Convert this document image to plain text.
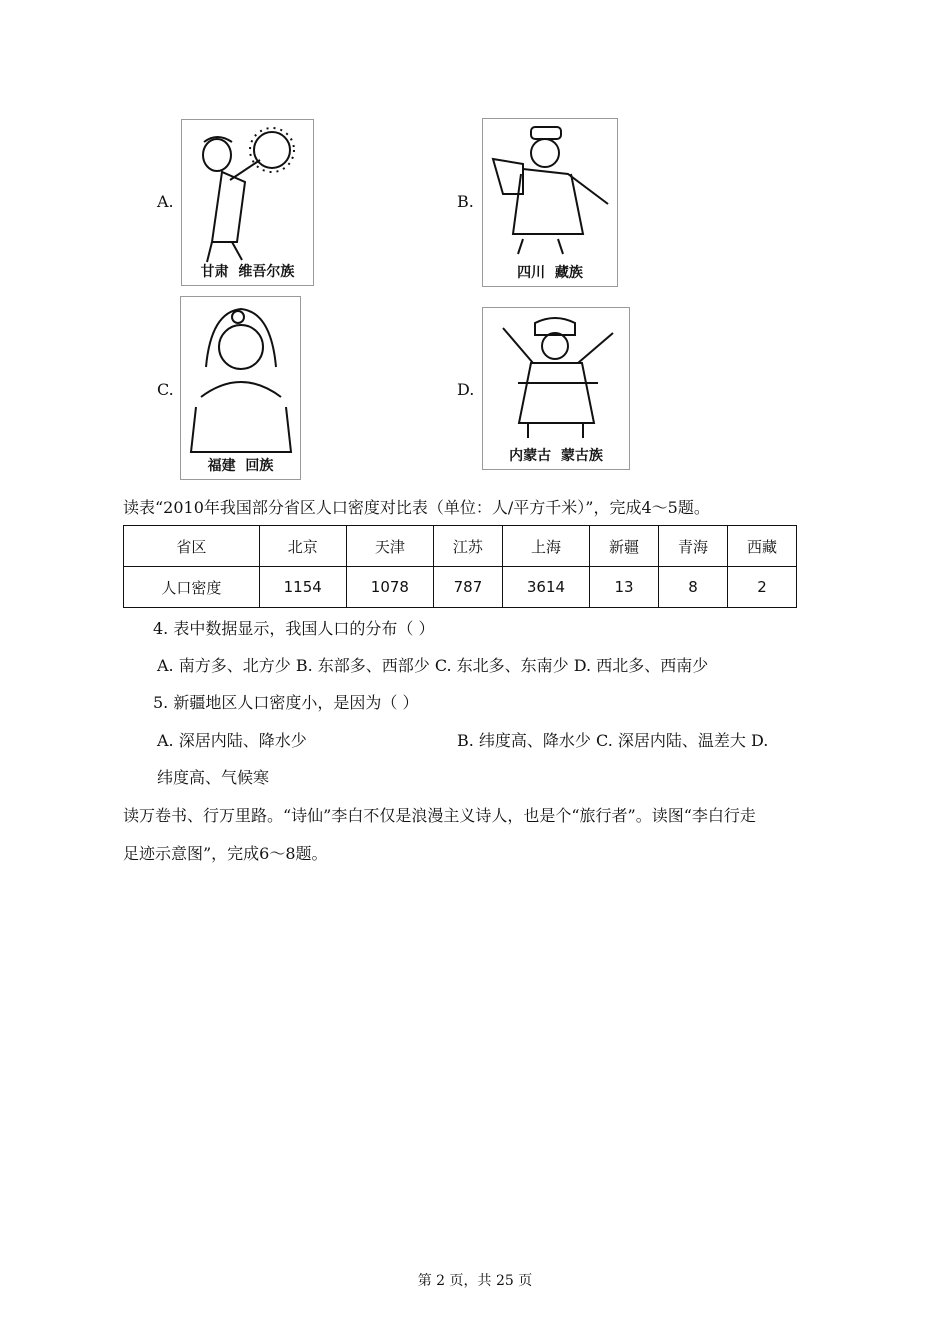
A.
甘肃  维吾尔族
B.
四川  藏族
C.
福建  回族
D.
内蒙古  蒙古族
读表“2010年我国部分省区人口密度对比表（单位：人/平方千米）”，完成4～5题。
省区	北京	天津	江苏	上海	新疆	青海	西藏
人口密度	1154	1078	787	3614	13	8	2
4. 表中数据显示，我国人口的分布（ ）
A. 南方多、北方少 B. 东部多、西部少 C. 东北多、东南少 D. 西北多、西南少
5. 新疆地区人口密度小，是因为（ ）
A. 深居内陆、降水少	B. 纬度高、降水少 C. 深居内陆、温差大 D.
纬度高、气候寒
读万卷书、行万里路。“诗仙”李白不仅是浪漫主义诗人，也是个“旅行者”。读图“李白行走
足迹示意图”，完成6～8题。
第 2 页，共 25 页
